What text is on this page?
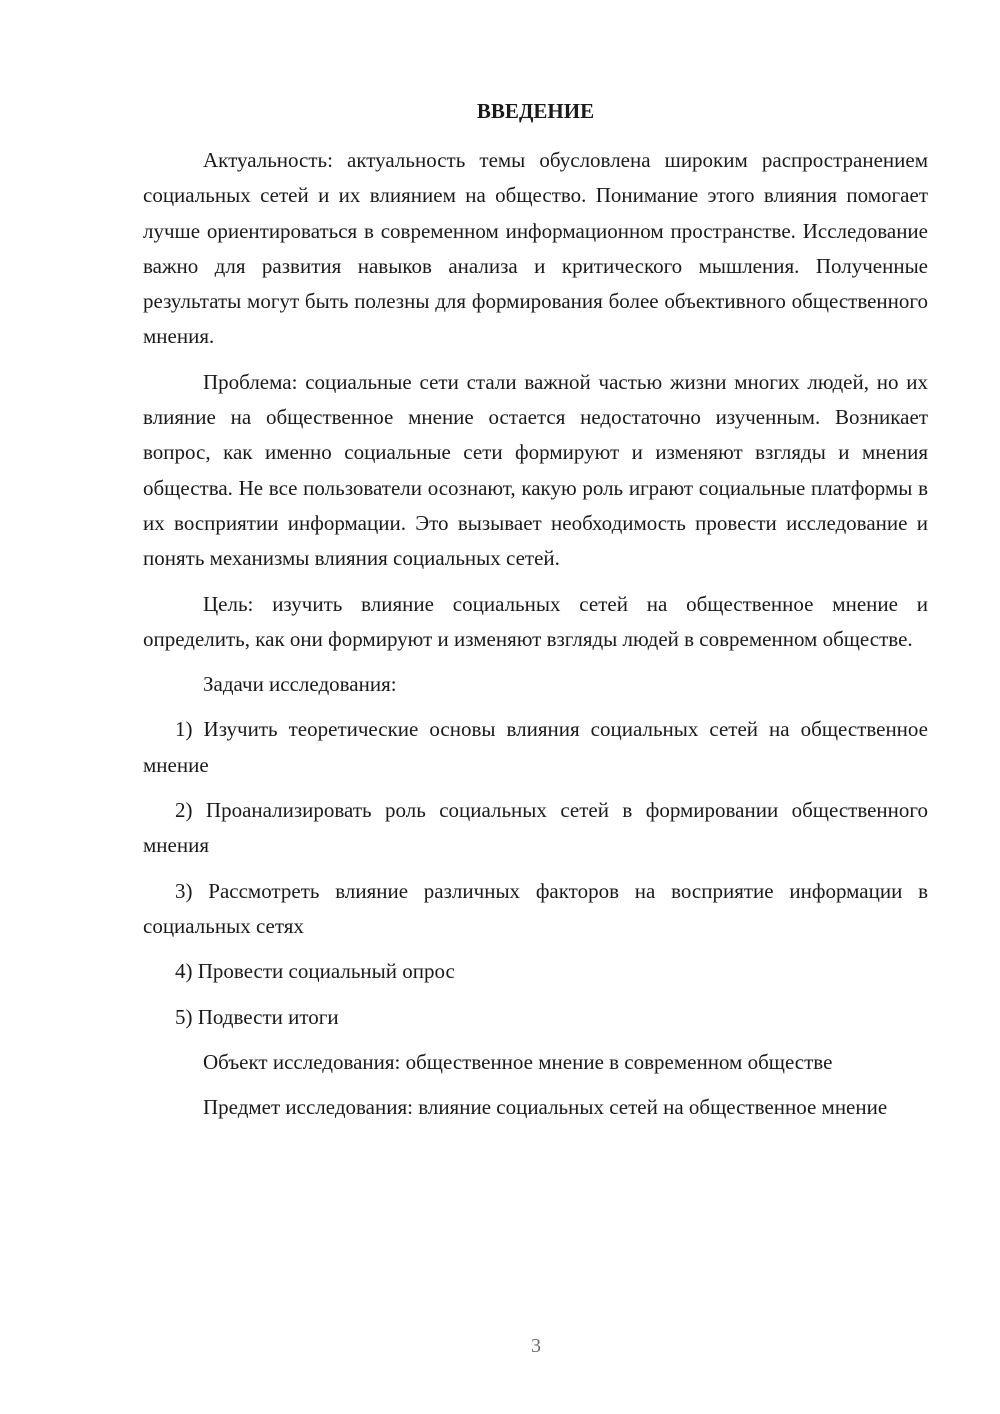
ВВЕДЕНИЕ

Актуальность: актуальность темы обусловлена широким распространением социальных сетей и их влиянием на общество. Понимание этого влияния помогает лучше ориентироваться в современном информационном пространстве. Исследование важно для развития навыков анализа и критического мышления. Полученные результаты могут быть полезны для формирования более объективного общественного мнения.

Проблема: социальные сети стали важной частью жизни многих людей, но их влияние на общественное мнение остается недостаточно изученным. Возникает вопрос, как именно социальные сети формируют и изменяют взгляды и мнения общества. Не все пользователи осознают, какую роль играют социальные платформы в их восприятии информации. Это вызывает необходимость провести исследование и понять механизмы влияния социальных сетей.

Цель: изучить влияние социальных сетей на общественное мнение и определить, как они формируют и изменяют взгляды людей в современном обществе.

Задачи исследования:

1) Изучить теоретические основы влияния социальных сетей на общественное мнение
2) Проанализировать роль социальных сетей в формировании общественного мнения
3) Рассмотреть влияние различных факторов на восприятие информации в социальных сетях
4) Провести социальный опрос
5) Подвести итоги

Объект исследования: общественное мнение в современном обществе

Предмет исследования: влияние социальных сетей на общественное мнение

3
